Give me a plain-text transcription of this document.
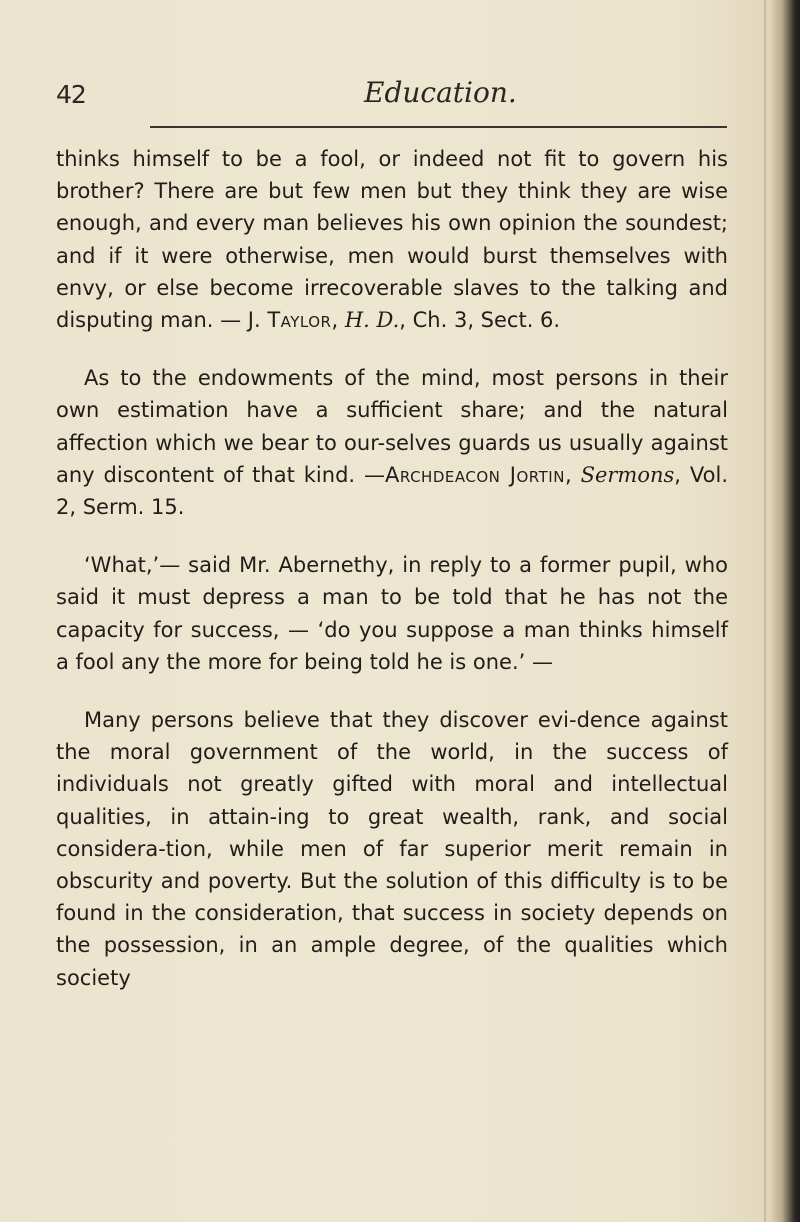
42	Education.

thinks himself to be a fool, or indeed not fit to govern his brother? There are but few men but they think they are wise enough, and every man believes his own opinion the soundest; and if it were otherwise, men would burst themselves with envy, or else become irrecoverable slaves to the talking and disputing man. — J. Taylor, H. D., Ch. 3, Sect. 6.

As to the endowments of the mind, most persons in their own estimation have a sufficient share; and the natural affection which we bear to our-selves guards us usually against any discontent of that kind. —Archdeacon Jortin, Sermons, Vol. 2, Serm. 15.

‘What,’— said Mr. Abernethy, in reply to a former pupil, who said it must depress a man to be told that he has not the capacity for success, — ‘do you suppose a man thinks himself a fool any the more for being told he is one.’ —

Many persons believe that they discover evi-dence against the moral government of the world, in the success of individuals not greatly gifted with moral and intellectual qualities, in attain-ing to great wealth, rank, and social considera-tion, while men of far superior merit remain in obscurity and poverty. But the solution of this difficulty is to be found in the consideration, that success in society depends on the possession, in an ample degree, of the qualities which society
